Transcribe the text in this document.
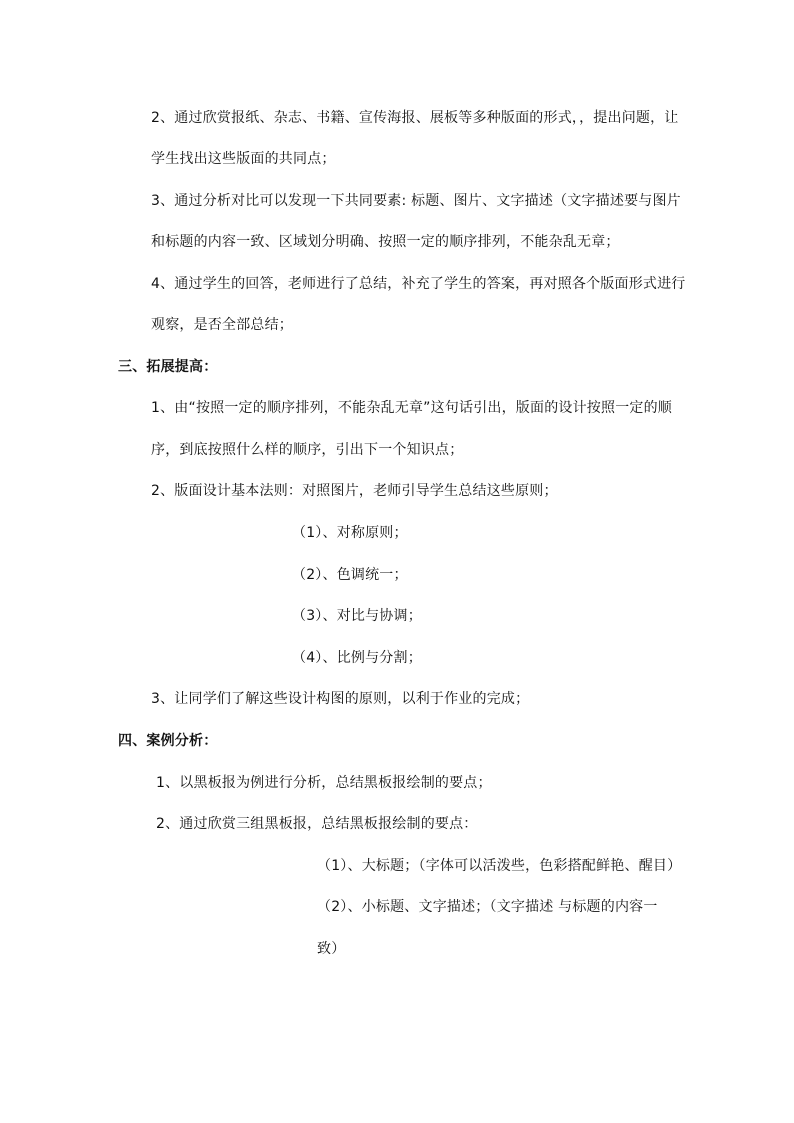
2、通过欣赏报纸、杂志、书籍、宣传海报、展板等多种版面的形式，，提出问题，让
学生找出这些版面的共同点；
3、通过分析对比可以发现一下共同要素: 标题、图片、文字描述（文字描述要与图片
和标题的内容一致、区域划分明确、按照一定的顺序排列，不能杂乱无章；
4、通过学生的回答，老师进行了总结，补充了学生的答案，再对照各个版面形式进行
观察，是否全部总结；
三、拓展提高：
1、由“按照一定的顺序排列，不能杂乱无章”这句话引出，版面的设计按照一定的顺
序，到底按照什么样的顺序，引出下一个知识点；
2、版面设计基本法则：对照图片，老师引导学生总结这些原则；
（1）、对称原则；
（2）、色调统一；
（3）、对比与协调；
（4）、比例与分割；
3、让同学们了解这些设计构图的原则，以利于作业的完成；
四、案例分析：
1、以黑板报为例进行分析，总结黑板报绘制的要点；
2、通过欣赏三组黑板报，总结黑板报绘制的要点：
（1）、大标题；（字体可以活泼些，色彩搭配鲜艳、醒目）
（2）、小标题、文字描述；（文字描述 与标题的内容一
致）
